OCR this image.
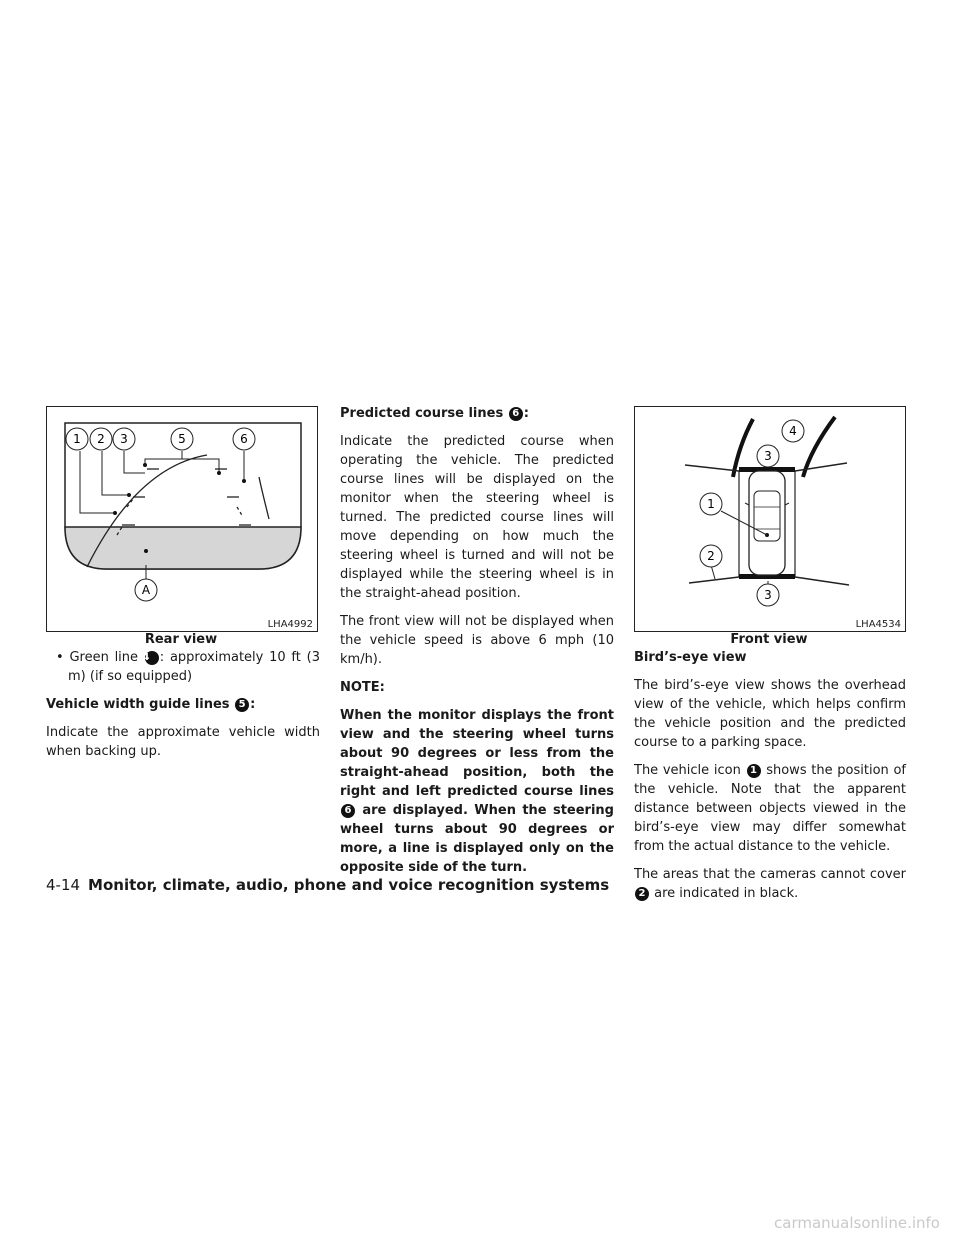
1 2 3	5	6
A
LHA4992
Rear view
4
3
1
2
3
LHA4534
Front view

• Green line 4 : approximately 10 ft (3 m) (if so equipped)

Vehicle width guide lines 5 :

Indicate the approximate vehicle width when backing up.

Predicted course lines 6 :

Indicate the predicted course when operating the vehicle. The predicted course lines will be displayed on the monitor when the steering wheel is turned. The predicted course lines will move depending on how much the steering wheel is turned and will not be displayed while the steering wheel is in the straight-ahead position.

The front view will not be displayed when the vehicle speed is above 6 mph (10 km/h).

NOTE:

When the monitor displays the front view and the steering wheel turns about 90 degrees or less from the straight-ahead position, both the right and left predicted course lines 6 are displayed. When the steering wheel turns about 90 degrees or more, a line is displayed only on the opposite side of the turn.

Bird’s-eye view

The bird’s-eye view shows the overhead view of the vehicle, which helps confirm the vehicle position and the predicted course to a parking space.

The vehicle icon 1 shows the position of the vehicle. Note that the apparent distance between objects viewed in the bird’s-eye view may differ somewhat from the actual distance to the vehicle.

The areas that the cameras cannot cover 2 are indicated in black.

4-14 Monitor, climate, audio, phone and voice recognition systems
carmanualsonline.info
